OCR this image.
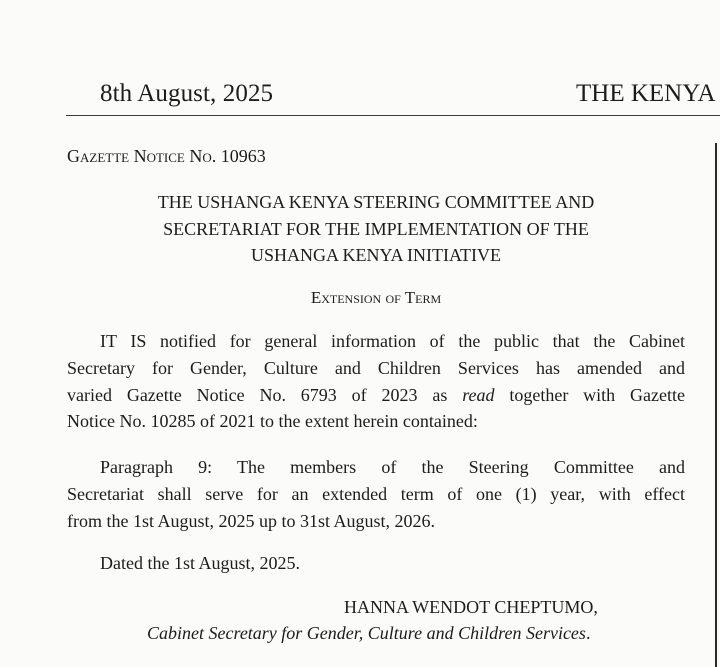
8th August, 2025	THE KENYA
Gazette Notice No. 10963
THE USHANGA KENYA STEERING COMMITTEE AND
SECRETARIAT FOR THE IMPLEMENTATION OF THE
USHANGA KENYA INITIATIVE
Extension of Term
IT IS notified for general information of the public that the Cabinet
Secretary for Gender, Culture and Children Services has amended and
varied Gazette Notice No. 6793 of 2023 as read together with Gazette
Notice No. 10285 of 2021 to the extent herein contained:
Paragraph 9: The members of the Steering Committee and
Secretariat shall serve for an extended term of one (1) year, with effect
from the 1st August, 2025 up to 31st August, 2026.
Dated the 1st August, 2025.
HANNA WENDOT CHEPTUMO,
Cabinet Secretary for Gender, Culture and Children Services.
